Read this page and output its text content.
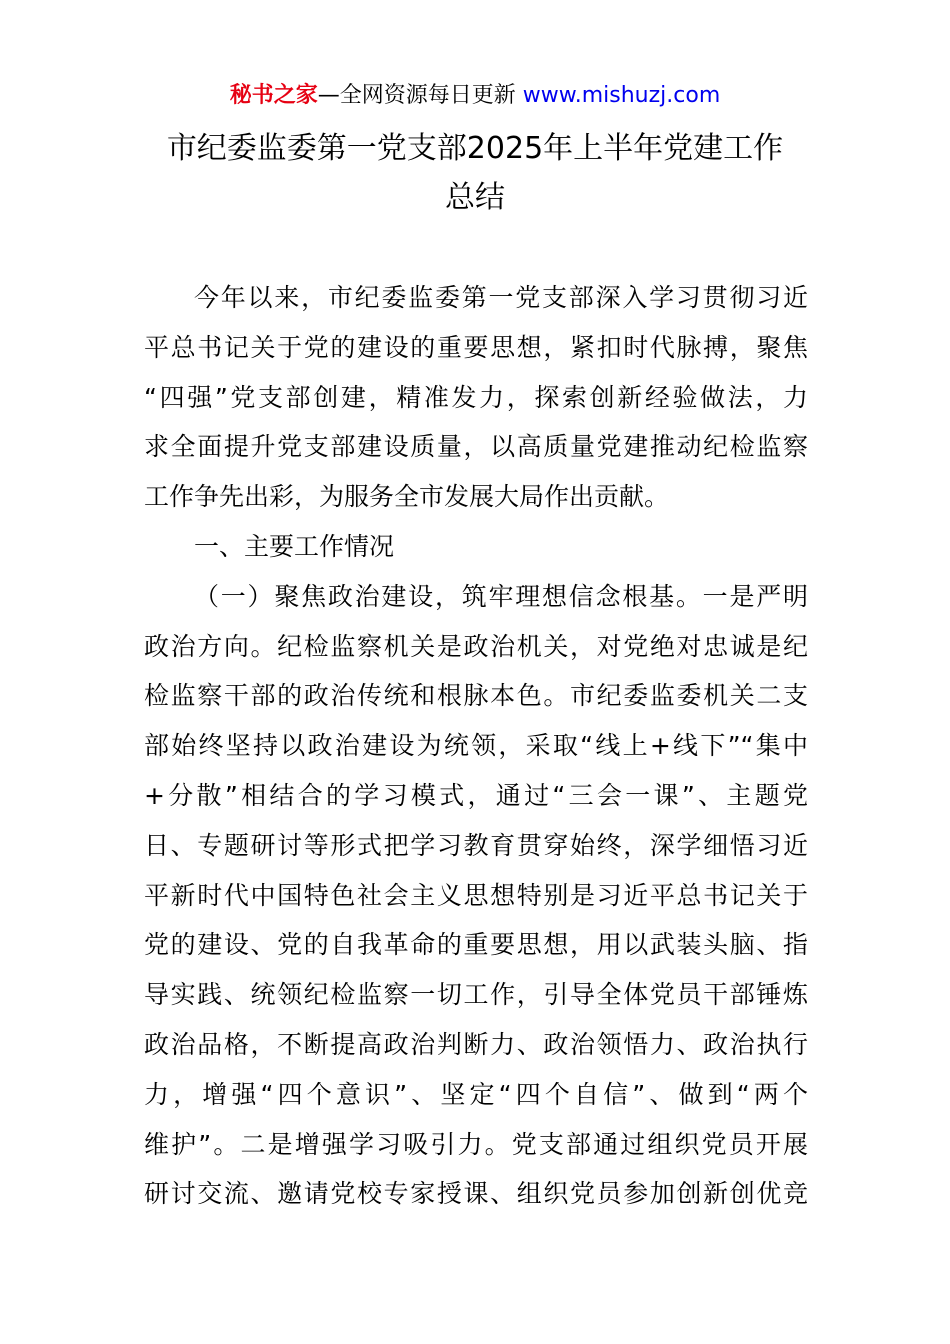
秘书之家—全网资源每日更新 www.mishuzj.com
市纪委监委第一党支部2025年上半年党建工作
总结
今年以来，市纪委监委第一党支部深入学习贯彻习近
平总书记关于党的建设的重要思想，紧扣时代脉搏，聚焦
“四强”党支部创建，精准发力，探索创新经验做法，力
求全面提升党支部建设质量，以高质量党建推动纪检监察
工作争先出彩，为服务全市发展大局作出贡献。
一、主要工作情况
（一）聚焦政治建设，筑牢理想信念根基。一是严明
政治方向。纪检监察机关是政治机关，对党绝对忠诚是纪
检监察干部的政治传统和根脉本色。市纪委监委机关二支
部始终坚持以政治建设为统领，采取“线上+线下”“集中
+分散”相结合的学习模式，通过“三会一课”、主题党
日、专题研讨等形式把学习教育贯穿始终，深学细悟习近
平新时代中国特色社会主义思想特别是习近平总书记关于
党的建设、党的自我革命的重要思想，用以武装头脑、指
导实践、统领纪检监察一切工作，引导全体党员干部锤炼
政治品格，不断提高政治判断力、政治领悟力、政治执行
力，增强“四个意识”、坚定“四个自信”、做到“两个
维护”。二是增强学习吸引力。党支部通过组织党员开展
研讨交流、邀请党校专家授课、组织党员参加创新创优竞
